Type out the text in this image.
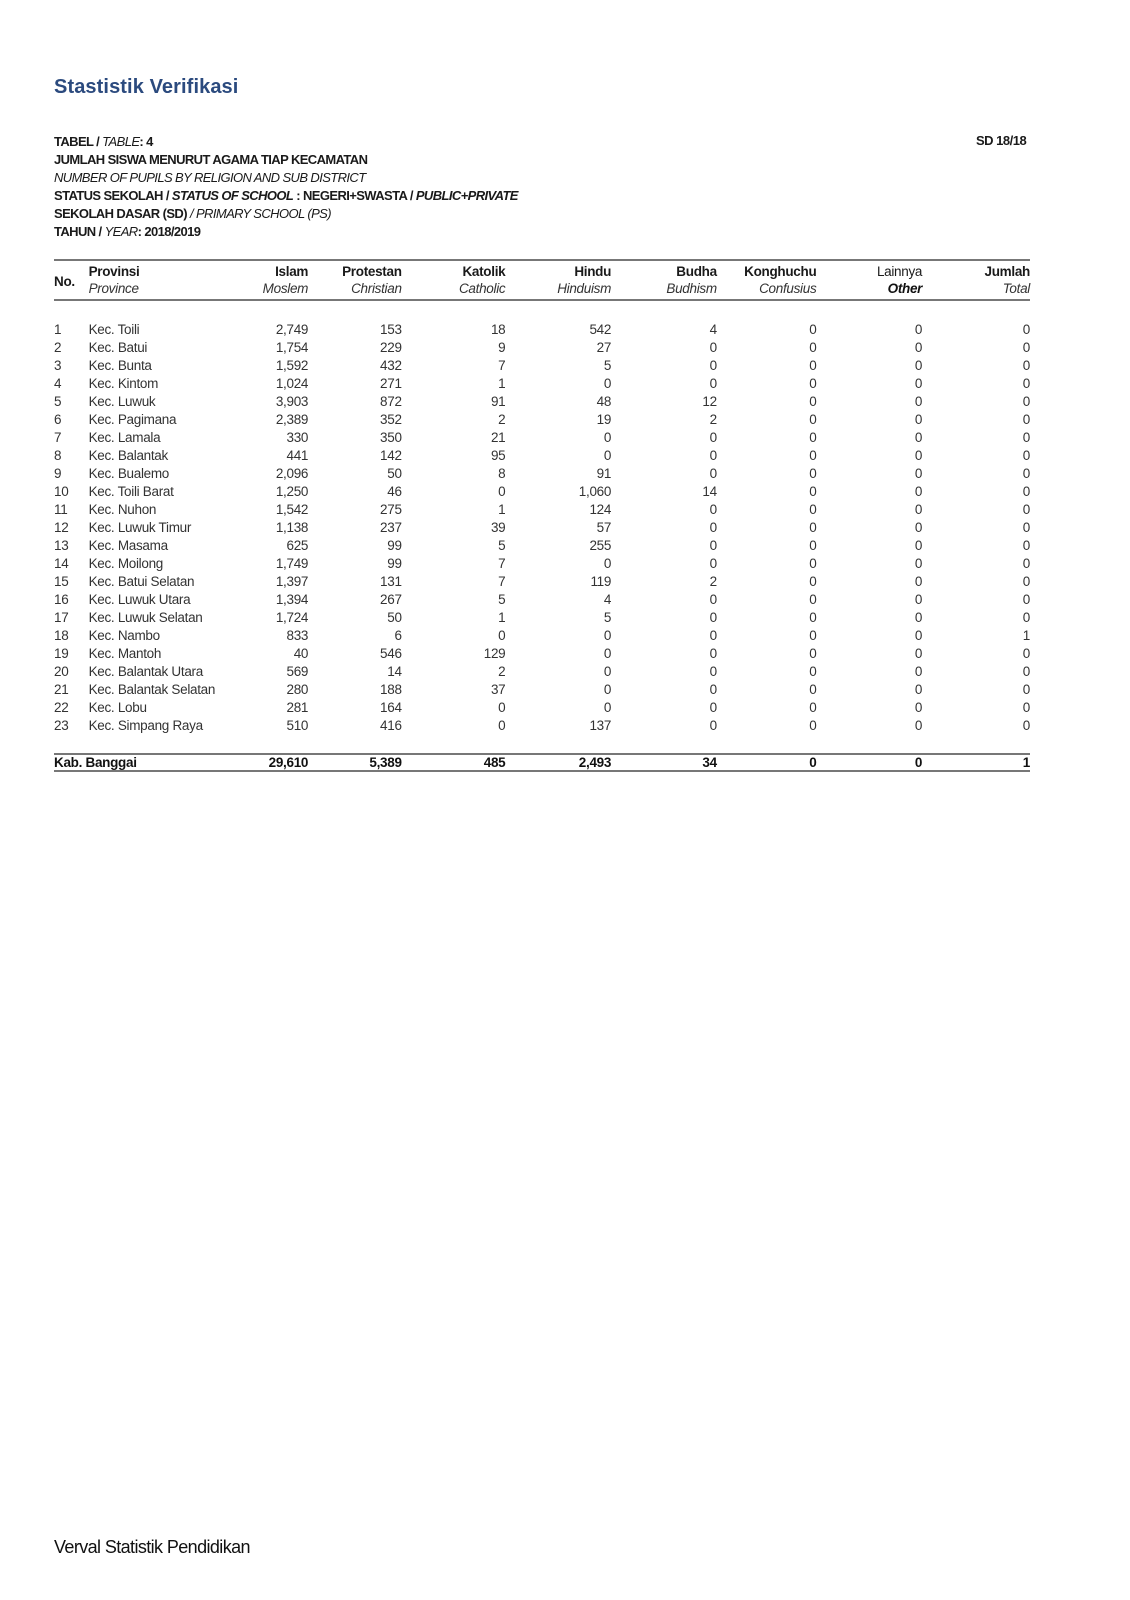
Stastistik Verifikasi
TABEL / TABLE: 4
JUMLAH SISWA MENURUT AGAMA TIAP KECAMATAN
NUMBER OF PUPILS BY RELIGION AND SUB DISTRICT
STATUS SEKOLAH / STATUS OF SCHOOL : NEGERI+SWASTA / PUBLIC+PRIVATE
SEKOLAH DASAR (SD) / PRIMARY SCHOOL (PS)
TAHUN / YEAR: 2018/2019
SD 18/18
No.	Provinsi	Islam	Protestan	Katolik	Hindu	Budha	Konghuchu	Lainnya	Jumlah
	Province	Moslem	Christian	Catholic	Hinduism	Budhism	Confusius	Other	Total

1	Kec. Toili	2,749	153	18	542	4	0	0	0
2	Kec. Batui	1,754	229	9	27	0	0	0	0
3	Kec. Bunta	1,592	432	7	5	0	0	0	0
4	Kec. Kintom	1,024	271	1	0	0	0	0	0
5	Kec. Luwuk	3,903	872	91	48	12	0	0	0
6	Kec. Pagimana	2,389	352	2	19	2	0	0	0
7	Kec. Lamala	330	350	21	0	0	0	0	0
8	Kec. Balantak	441	142	95	0	0	0	0	0
9	Kec. Bualemo	2,096	50	8	91	0	0	0	0
10	Kec. Toili Barat	1,250	46	0	1,060	14	0	0	0
11	Kec. Nuhon	1,542	275	1	124	0	0	0	0
12	Kec. Luwuk Timur	1,138	237	39	57	0	0	0	0
13	Kec. Masama	625	99	5	255	0	0	0	0
14	Kec. Moilong	1,749	99	7	0	0	0	0	0
15	Kec. Batui Selatan	1,397	131	7	119	2	0	0	0
16	Kec. Luwuk Utara	1,394	267	5	4	0	0	0	0
17	Kec. Luwuk Selatan	1,724	50	1	5	0	0	0	0
18	Kec. Nambo	833	6	0	0	0	0	0	1
19	Kec. Mantoh	40	546	129	0	0	0	0	0
20	Kec. Balantak Utara	569	14	2	0	0	0	0	0
21	Kec. Balantak Selatan	280	188	37	0	0	0	0	0
22	Kec. Lobu	281	164	0	0	0	0	0	0
23	Kec. Simpang Raya	510	416	0	137	0	0	0	0

Kab. Banggai		29,610	5,389	485	2,493	34	0	0	1
Verval Statistik Pendidikan
